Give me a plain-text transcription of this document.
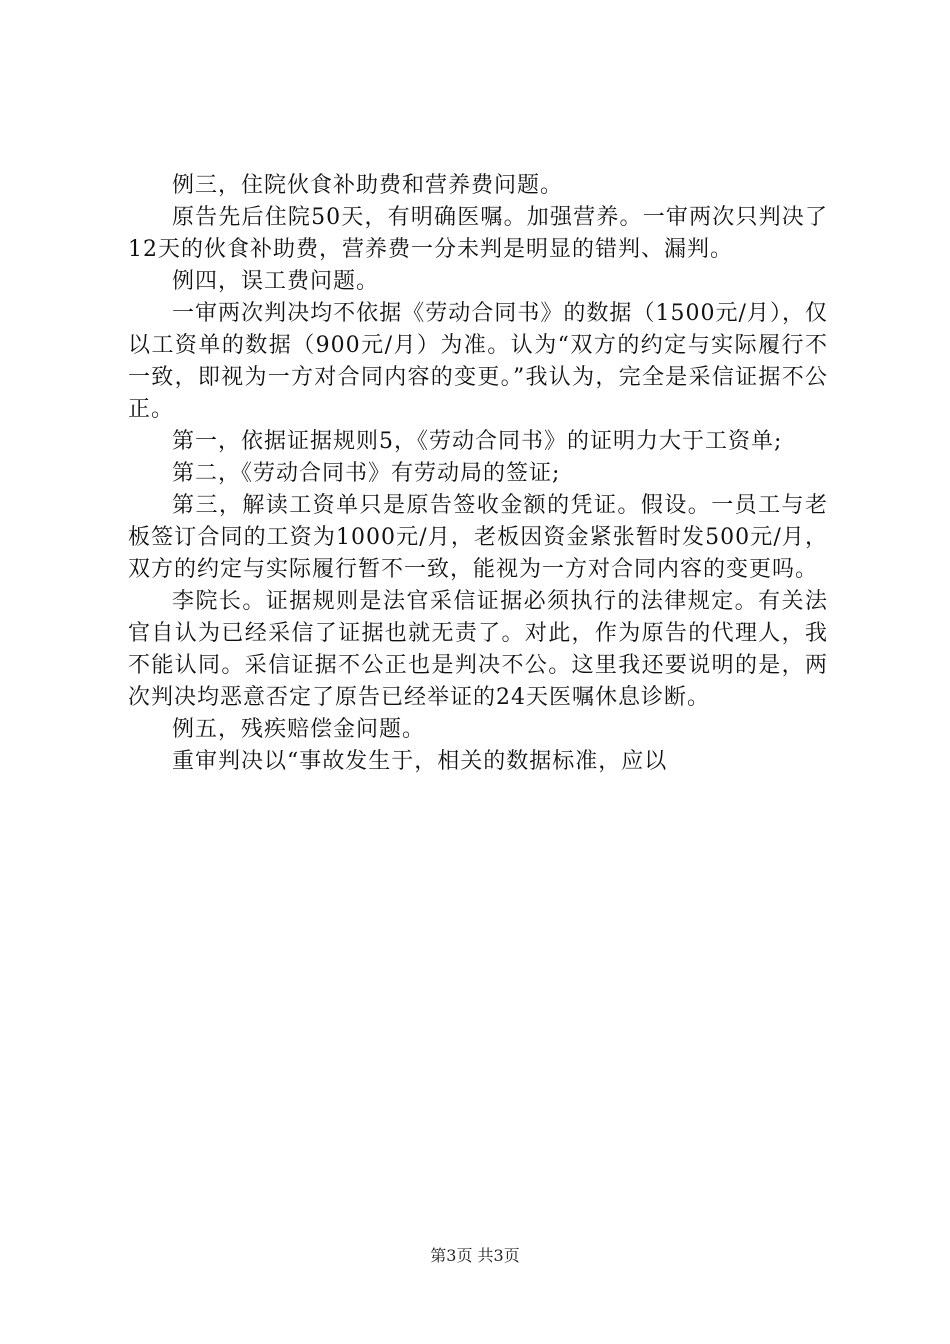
例三，住院伙食补助费和营养费问题。

原告先后住院50天，有明确医嘱。加强营养。一审两次只判决了12天的伙食补助费，营养费一分未判是明显的错判、漏判。

例四，误工费问题。

一审两次判决均不依据《劳动合同书》的数据（1500元/月），仅以工资单的数据（900元/月）为准。认为“双方的约定与实际履行不一致，即视为一方对合同内容的变更。”我认为，完全是采信证据不公正。

第一，依据证据规则5，《劳动合同书》的证明力大于工资单;

第二，《劳动合同书》有劳动局的签证;

第三，解读工资单只是原告签收金额的凭证。假设。一员工与老板签订合同的工资为1000元/月，老板因资金紧张暂时发500元/月，双方的约定与实际履行暂不一致，能视为一方对合同内容的变更吗。

李院长。证据规则是法官采信证据必须执行的法律规定。有关法官自认为已经采信了证据也就无责了。对此，作为原告的代理人，我不能认同。采信证据不公正也是判决不公。这里我还要说明的是，两次判决均恶意否定了原告已经举证的24天医嘱休息诊断。

例五，残疾赔偿金问题。

重审判决以“事故发生于，相关的数据标准，应以

第3页 共3页
